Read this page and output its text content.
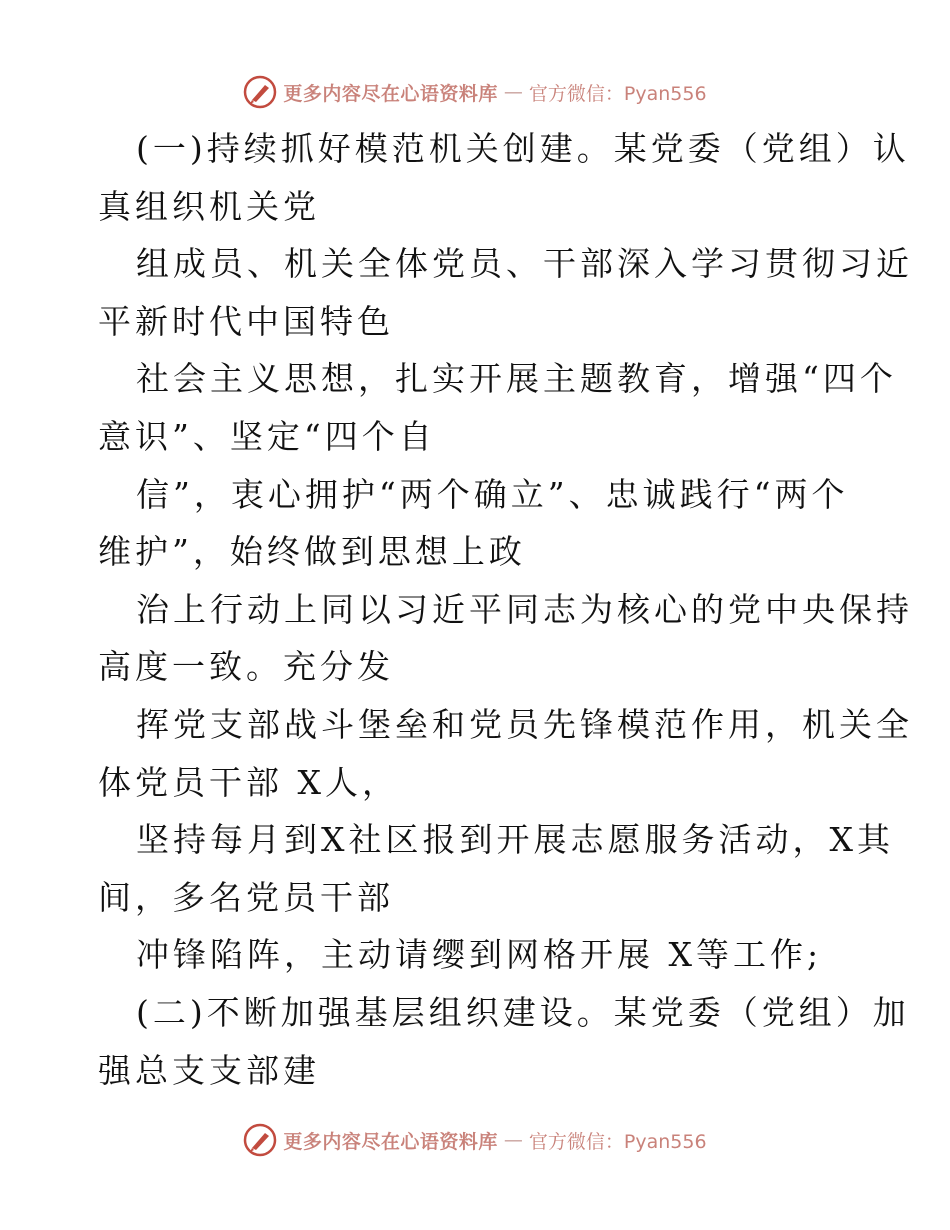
更多内容尽在心语资料库 — 官方微信：Pyan556
(一)持续抓好模范机关创建。某党委（党组）认
真组织机关党
组成员、机关全体党员、干部深入学习贯彻习近
平新时代中国特色
社会主义思想，扎实开展主题教育，增强“四个
意识”、坚定“四个自
信”，衷心拥护“两个确立”、忠诚践行“两个
维护”，始终做到思想上政
治上行动上同以习近平同志为核心的党中央保持
高度一致。充分发
挥党支部战斗堡垒和党员先锋模范作用，机关全
体党员干部 X人，
坚持每月到X社区报到开展志愿服务活动，X其
间，多名党员干部
冲锋陷阵，主动请缨到网格开展 X等工作;
(二)不断加强基层组织建设。某党委（党组）加
强总支支部建
更多内容尽在心语资料库 — 官方微信：Pyan556
